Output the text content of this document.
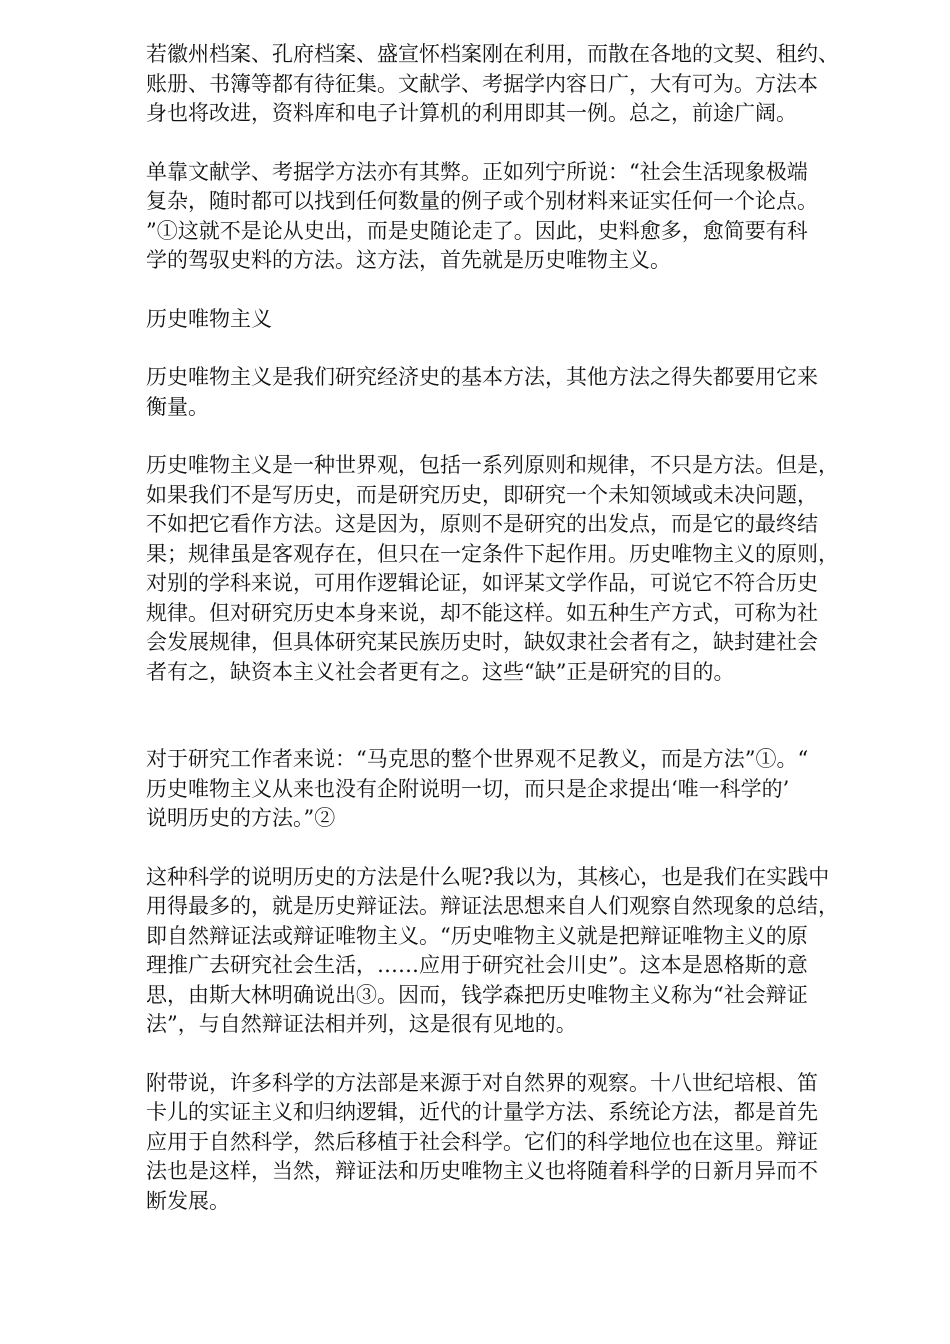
若徽州档案、孔府档案、盛宣怀档案刚在利用，而散在各地的文契、租约、
账册、书簿等都有待征集。文献学、考据学内容日广，大有可为。方法本
身也将改进，资料库和电子计算机的利用即其一例。总之，前途广阔。

单靠文献学、考据学方法亦有其弊。正如列宁所说：“社会生活现象极端
复杂，随时都可以找到任何数量的例子或个别材料来证实任何一个论点。
”①这就不是论从史出，而是史随论走了。因此，史料愈多，愈简要有科
学的驾驭史料的方法。这方法，首先就是历史唯物主义。

历史唯物主义

历史唯物主义是我们研究经济史的基本方法，其他方法之得失都要用它来
衡量。

历史唯物主义是一种世界观，包括一系列原则和规律，不只是方法。但是，
如果我们不是写历史，而是研究历史，即研究一个未知领域或未决问题，
不如把它看作方法。这是因为，原则不是研究的出发点，而是它的最终结
果；规律虽是客观存在，但只在一定条件下起作用。历史唯物主义的原则，
对别的学科来说，可用作逻辑论证，如评某文学作品，可说它不符合历史
规律。但对研究历史本身来说，却不能这样。如五种生产方式，可称为社
会发展规律，但具体研究某民族历史时，缺奴隶社会者有之，缺封建社会
者有之，缺资本主义社会者更有之。这些“缺”正是研究的目的。

对于研究工作者来说：“马克思的整个世界观不足教义，而是方法”①。“
历史唯物主义从来也没有企附说明一切，而只是企求提出‘唯一科学的’
说明历史的方法。”②

这种科学的说明历史的方法是什么呢?我以为，其核心，也是我们在实践中
用得最多的，就是历史辩证法。辩证法思想来自人们观察自然现象的总结，
即自然辩证法或辩证唯物主义。“历史唯物主义就是把辩证唯物主义的原
理推广去研究社会生活，……应用于研究社会川史”。这本是恩格斯的意
思，由斯大林明确说出③。因而，钱学森把历史唯物主义称为“社会辩证
法”，与自然辩证法相并列，这是很有见地的。

附带说，许多科学的方法部是来源于对自然界的观察。十八世纪培根、笛
卡儿的实证主义和归纳逻辑，近代的计量学方法、系统论方法，都是首先
应用于自然科学，然后移植于社会科学。它们的科学地位也在这里。辩证
法也是这样，当然，辩证法和历史唯物主义也将随着科学的日新月异而不
断发展。
